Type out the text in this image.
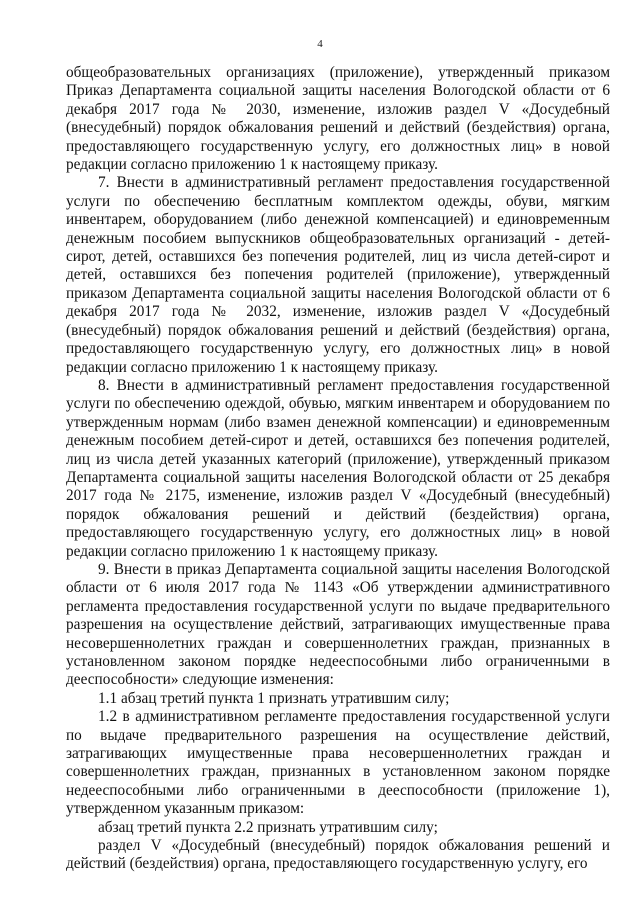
4

общеобразовательных организациях (приложение), утвержденный приказом Приказ Департамента социальной защиты населения Вологодской области от 6 декабря 2017 года № 2030, изменение, изложив раздел V «Досудебный (внесудебный) порядок обжалования решений и действий (бездействия) органа, предоставляющего государственную услугу, его должностных лиц» в новой редакции согласно приложению 1 к настоящему приказу.

7. Внести в административный регламент предоставления государственной услуги по обеспечению бесплатным комплектом одежды, обуви, мягким инвентарем, оборудованием (либо денежной компенсацией) и единовременным денежным пособием выпускников общеобразовательных организаций - детей-сирот, детей, оставшихся без попечения родителей, лиц из числа детей-сирот и детей, оставшихся без попечения родителей (приложение), утвержденный приказом Департамента социальной защиты населения Вологодской области от 6 декабря 2017 года № 2032, изменение, изложив раздел V «Досудебный (внесудебный) порядок обжалования решений и действий (бездействия) органа, предоставляющего государственную услугу, его должностных лиц» в новой редакции согласно приложению 1 к настоящему приказу.

8. Внести в административный регламент предоставления государственной услуги по обеспечению одеждой, обувью, мягким инвентарем и оборудованием по утвержденным нормам (либо взамен денежной компенсации) и единовременным денежным пособием детей-сирот и детей, оставшихся без попечения родителей, лиц из числа детей указанных категорий (приложение), утвержденный приказом Департамента социальной защиты населения Вологодской области от 25 декабря 2017 года № 2175, изменение, изложив раздел V «Досудебный (внесудебный) порядок обжалования решений и действий (бездействия) органа, предоставляющего государственную услугу, его должностных лиц» в новой редакции согласно приложению 1 к настоящему приказу.

9. Внести в приказ Департамента социальной защиты населения Вологодской области от 6 июля 2017 года № 1143 «Об утверждении административного регламента предоставления государственной услуги по выдаче предварительного разрешения на осуществление действий, затрагивающих имущественные права несовершеннолетних граждан и совершеннолетних граждан, признанных в установленном законом порядке недееспособными либо ограниченными в дееспособности» следующие изменения:

1.1 абзац третий пункта 1 признать утратившим силу;

1.2 в административном регламенте предоставления государственной услуги по выдаче предварительного разрешения на осуществление действий, затрагивающих имущественные права несовершеннолетних граждан и совершеннолетних граждан, признанных в установленном законом порядке недееспособными либо ограниченными в дееспособности (приложение 1), утвержденном указанным приказом:

абзац третий пункта 2.2 признать утратившим силу;

раздел V «Досудебный (внесудебный) порядок обжалования решений и действий (бездействия) органа, предоставляющего государственную услугу, его
